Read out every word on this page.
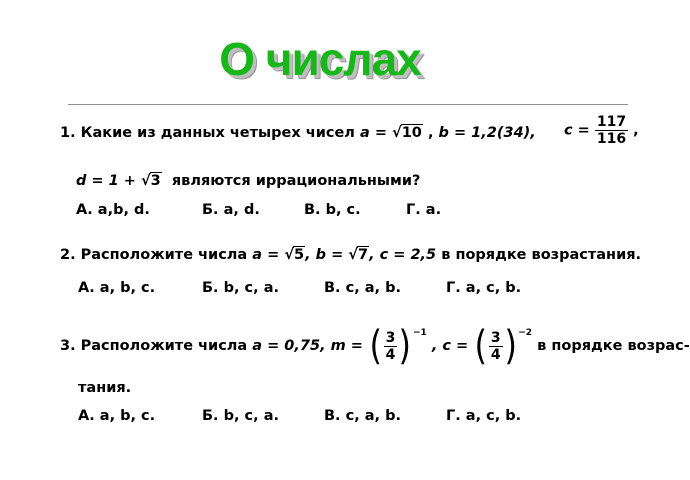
О числах
1. Какие из данных четырех чисел a = √10 , b = 1,2(34), $c = \frac{117}{116}$ ,
d = 1 + √3 являются иррациональными?
А. a,b, d.	Б. a, d.	В. b, c.	Г. a.
2. Расположите числа a = √5, b = √7, c = 2,5 в порядке возрастания.
А. a, b, c.	Б. b, c, a.	В. c, a, b.	Г. a, c, b.
3. Расположите числа a = 0,75, m = ( $\frac{3}{4} )^{-1}$
, c = ( $\frac{3}{4} )^{-2}$
в порядке возрас-
тания.
А. a, b, c.	Б. b, c, a.	В. c, a, b.	Г. a, c, b.
